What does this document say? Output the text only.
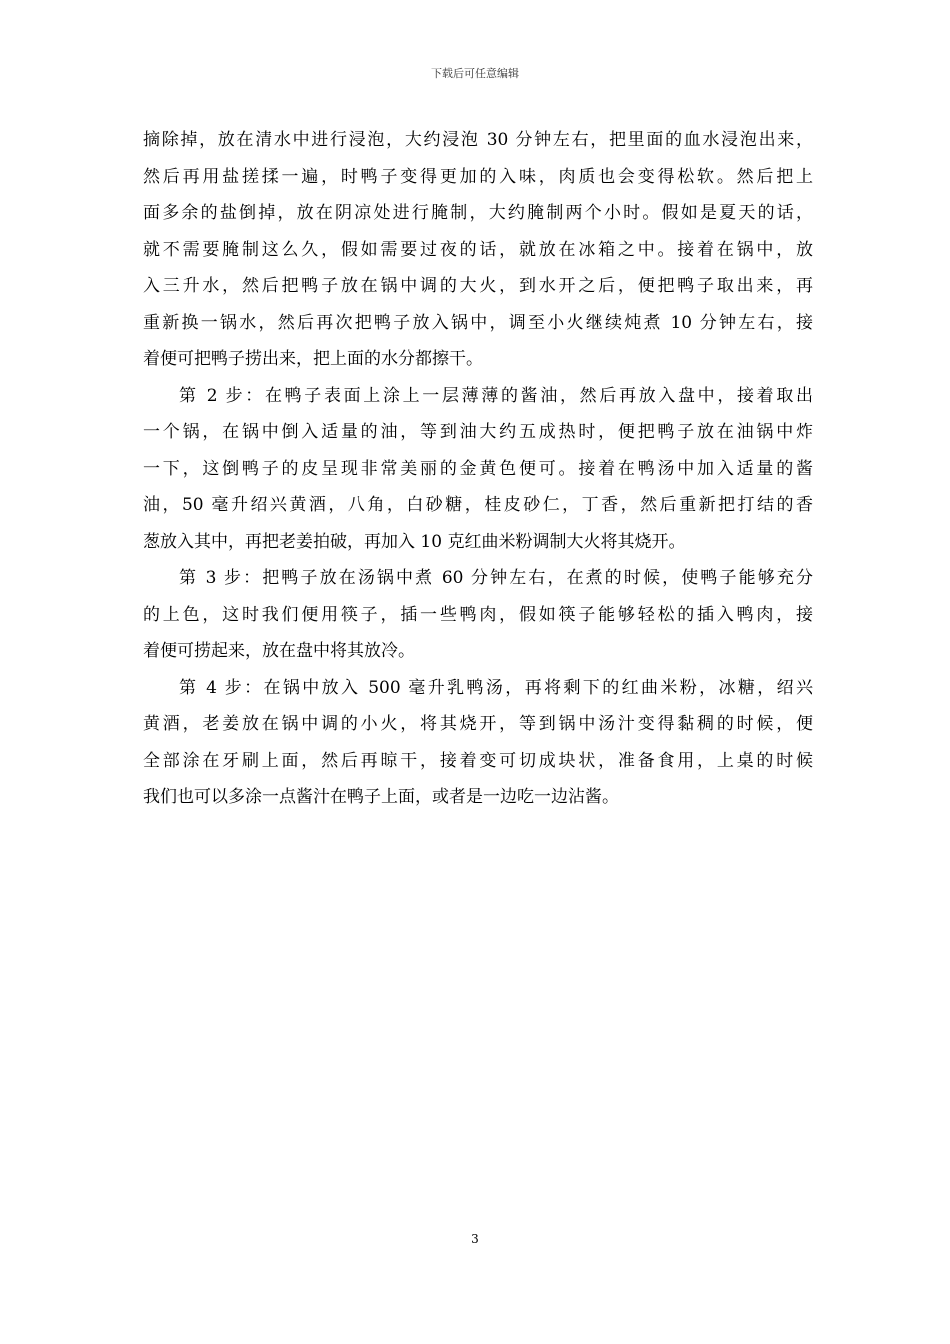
下载后可任意编辑

摘除掉，放在清水中进行浸泡，大约浸泡 30 分钟左右，把里面的血水浸泡出来，
然后再用盐搓揉一遍，时鸭子变得更加的入味，肉质也会变得松软。然后把上
面多余的盐倒掉，放在阴凉处进行腌制，大约腌制两个小时。假如是夏天的话，
就不需要腌制这么久，假如需要过夜的话，就放在冰箱之中。接着在锅中，放
入三升水，然后把鸭子放在锅中调的大火，到水开之后，便把鸭子取出来，再
重新换一锅水，然后再次把鸭子放入锅中，调至小火继续炖煮 10 分钟左右，接
着便可把鸭子捞出来，把上面的水分都擦干。

第 2 步：在鸭子表面上涂上一层薄薄的酱油，然后再放入盘中，接着取出
一个锅，在锅中倒入适量的油，等到油大约五成热时，便把鸭子放在油锅中炸
一下，这倒鸭子的皮呈现非常美丽的金黄色便可。接着在鸭汤中加入适量的酱
油，50 毫升绍兴黄酒，八角，白砂糖，桂皮砂仁，丁香，然后重新把打结的香
葱放入其中，再把老姜拍破，再加入 10 克红曲米粉调制大火将其烧开。

第 3 步：把鸭子放在汤锅中煮 60 分钟左右，在煮的时候，使鸭子能够充分
的上色，这时我们便用筷子，插一些鸭肉，假如筷子能够轻松的插入鸭肉，接
着便可捞起来，放在盘中将其放冷。

第 4 步：在锅中放入 500 毫升乳鸭汤，再将剩下的红曲米粉，冰糖，绍兴
黄酒，老姜放在锅中调的小火，将其烧开，等到锅中汤汁变得黏稠的时候，便
全部涂在牙刷上面，然后再晾干，接着变可切成块状，准备食用，上桌的时候
我们也可以多涂一点酱汁在鸭子上面，或者是一边吃一边沾酱。

3
